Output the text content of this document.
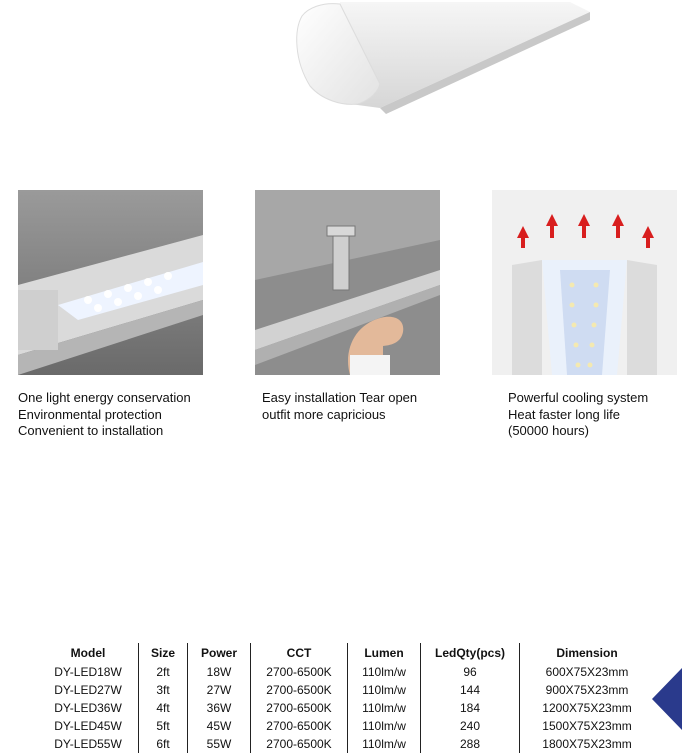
One light energy conservation
Environmental protection
Convenient to installation
Easy installation Tear open
outfit more capricious
Powerful cooling system
Heat faster long life
(50000 hours)
Model	Size	Power	CCT	Lumen	LedQty(pcs)	Dimension
DY-LED18W	2ft	18W	2700-6500K	110lm/w	96	600X75X23mm
DY-LED27W	3ft	27W	2700-6500K	110lm/w	144	900X75X23mm
DY-LED36W	4ft	36W	2700-6500K	110lm/w	184	1200X75X23mm
DY-LED45W	5ft	45W	2700-6500K	110lm/w	240	1500X75X23mm
DY-LED55W	6ft	55W	2700-6500K	110lm/w	288	1800X75X23mm
